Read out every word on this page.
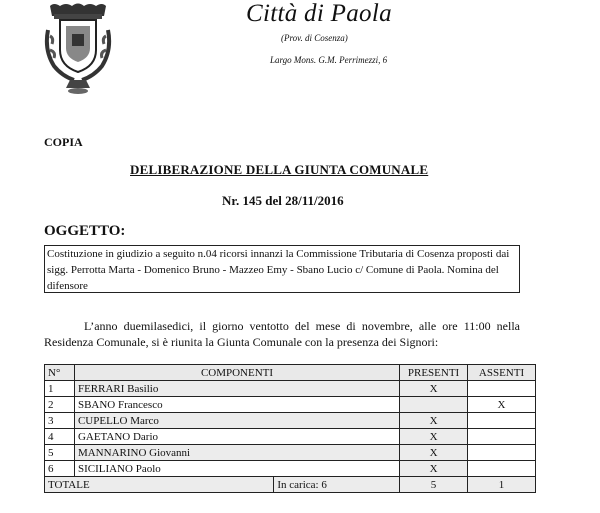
Città di Paola
(Prov. di Cosenza)
Largo Mons. G.M. Perrimezzi, 6
COPIA
DELIBERAZIONE DELLA GIUNTA COMUNALE
Nr. 145 del 28/11/2016
OGGETTO:
Costituzione in giudizio a seguito n.04 ricorsi innanzi la Commissione Tributaria di Cosenza proposti dai sigg. Perrotta Marta - Domenico Bruno - Mazzeo Emy - Sbano Lucio c/ Comune di Paola. Nomina del difensore
L’anno duemilasedici, il giorno ventotto del mese di novembre, alle ore 11:00 nella Residenza Comunale, si è riunita la Giunta Comunale con la presenza dei Signori:
N°	COMPONENTI		PRESENTI	ASSENTI
1	FERRARI Basilio		X	
2	SBANO Francesco			X
3	CUPELLO Marco		X	
4	GAETANO Dario		X	
5	MANNARINO Giovanni		X	
6	SICILIANO Paolo		X	
TOTALE		In carica: 6	5	1
